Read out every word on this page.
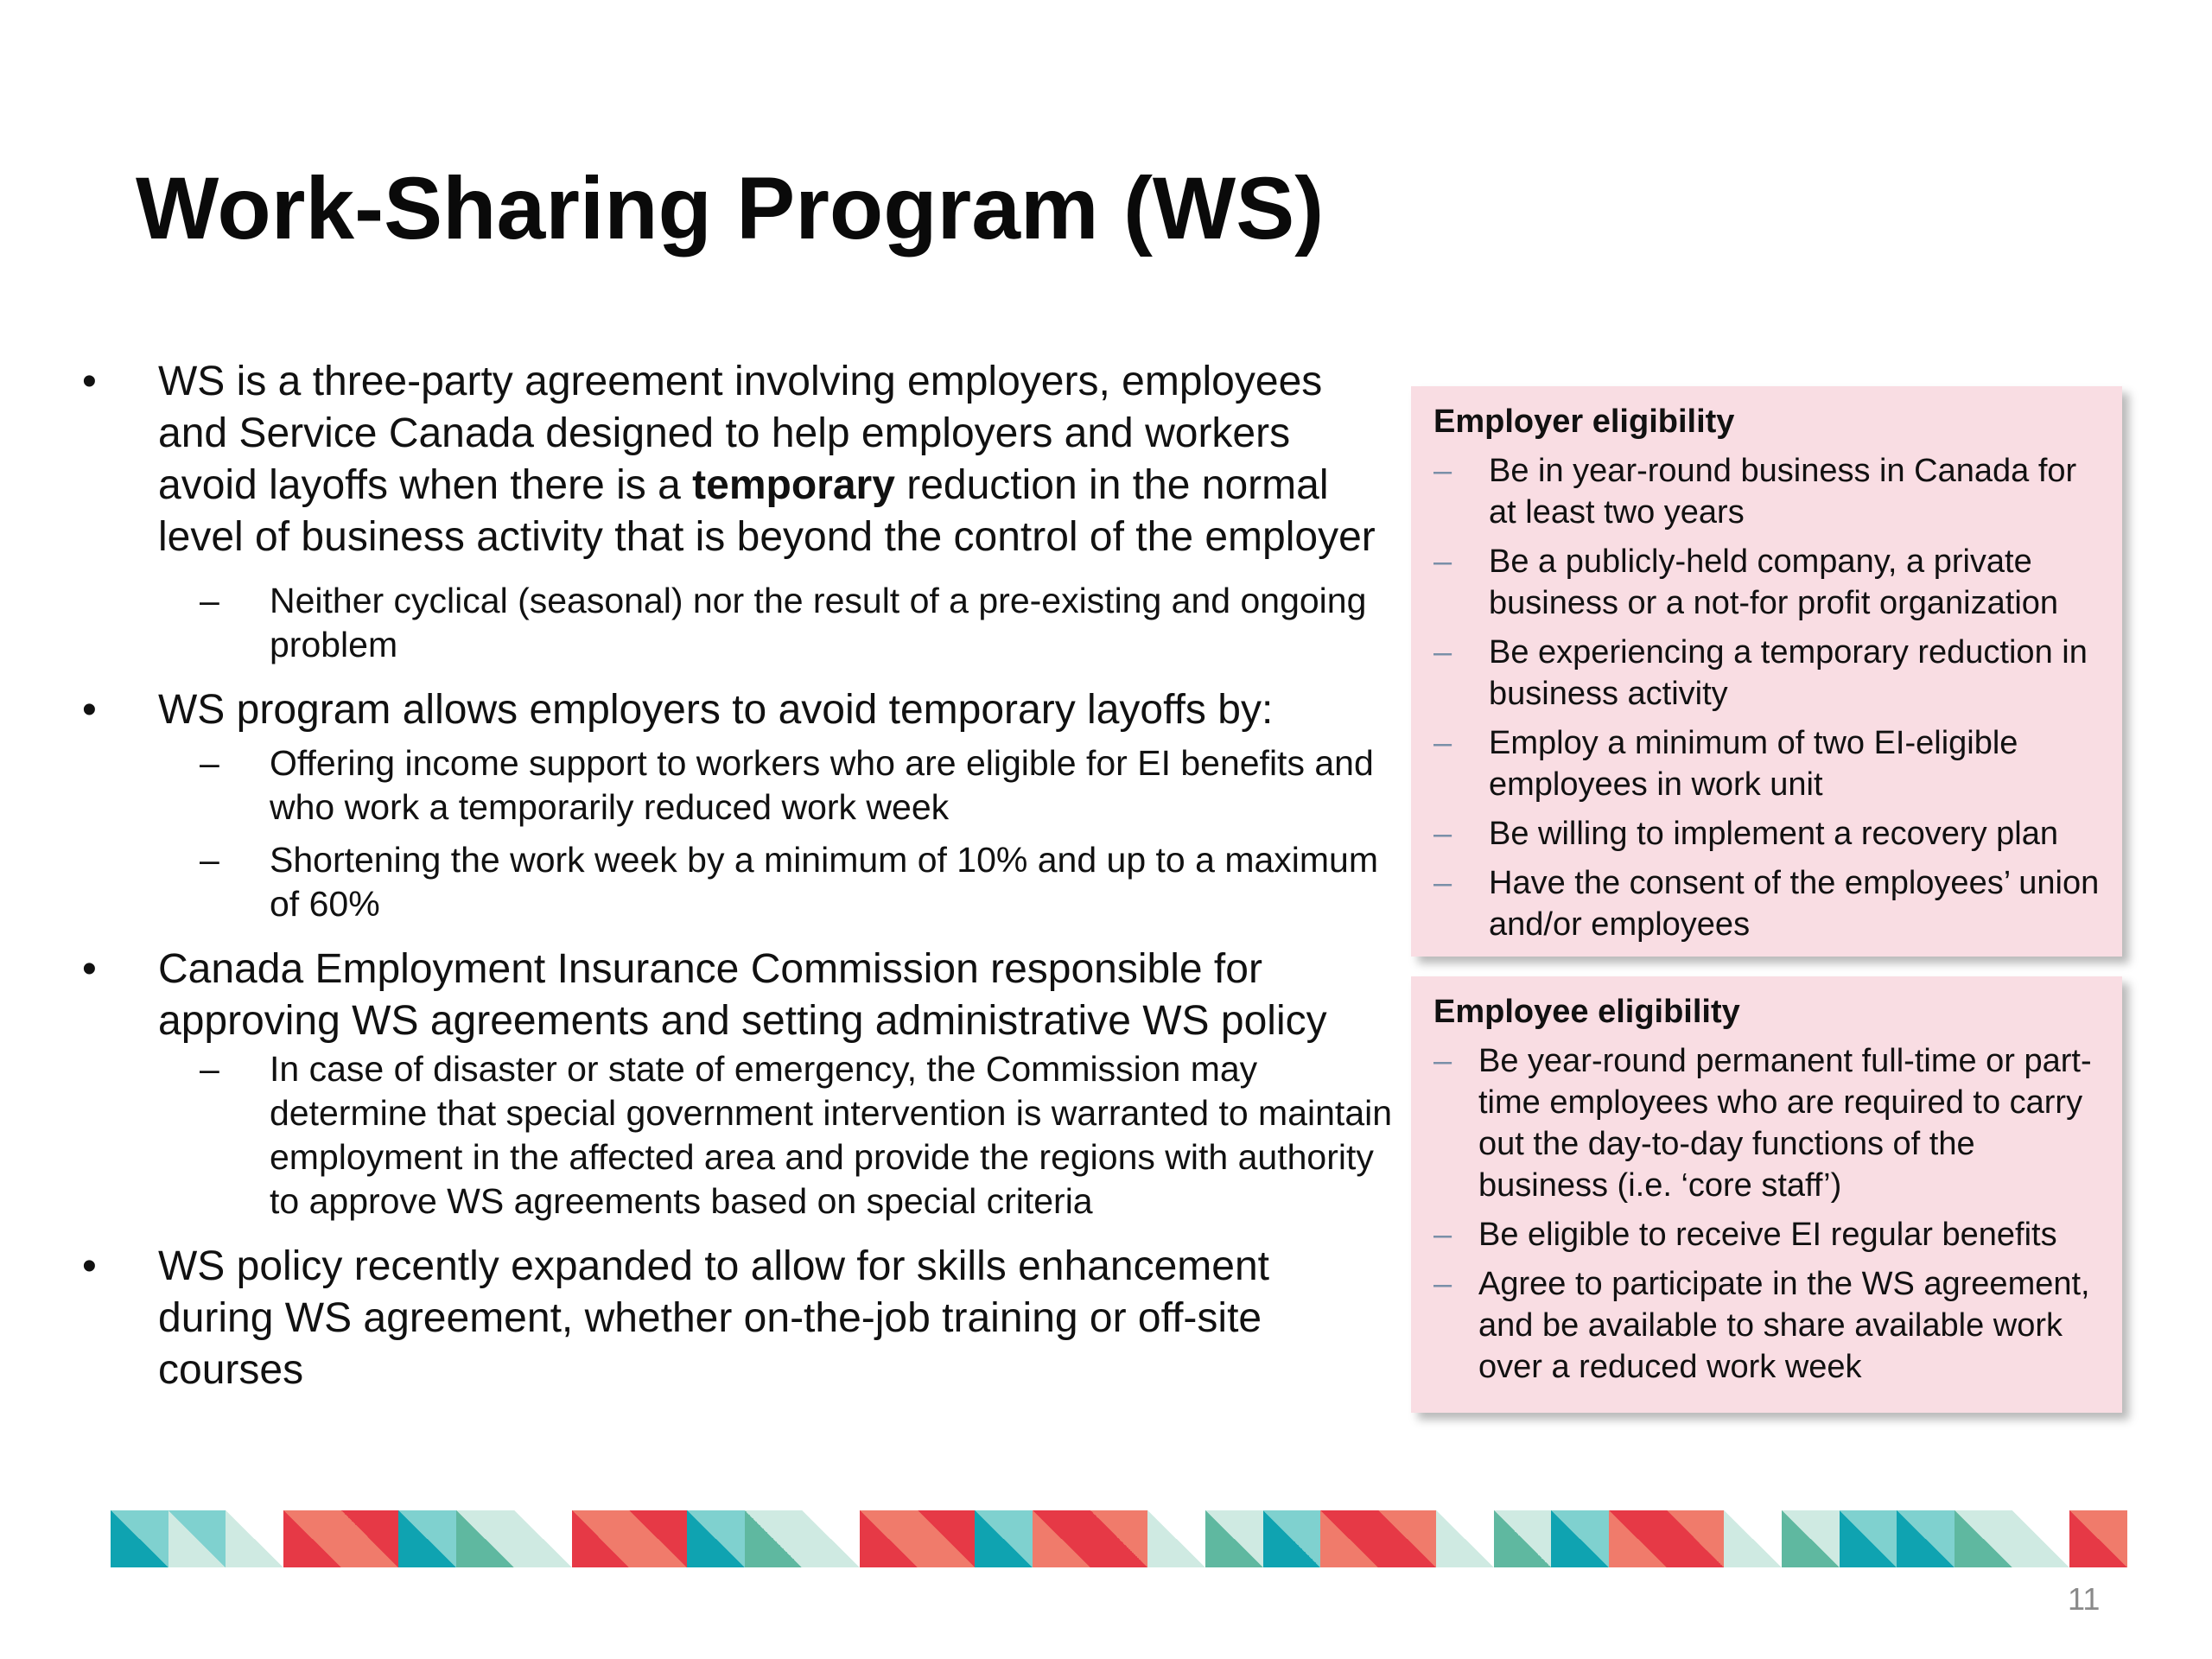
Work-Sharing Program (WS)
• WS is a three-party agreement involving employers, employees and Service Canada designed to help employers and workers avoid layoffs when there is a temporary reduction in the normal level of business activity that is beyond the control of the employer
– Neither cyclical (seasonal) nor the result of a pre-existing and ongoing problem
• WS program allows employers to avoid temporary layoffs by:
– Offering income support to workers who are eligible for EI benefits and who work a temporarily reduced work week
– Shortening the work week by a minimum of 10% and up to a maximum of 60%
• Canada Employment Insurance Commission responsible for approving WS agreements and setting administrative WS policy
– In case of disaster or state of emergency, the Commission may determine that special government intervention is warranted to maintain employment in the affected area and provide the regions with authority to approve WS agreements based on special criteria
• WS policy recently expanded to allow for skills enhancement during WS agreement, whether on-the-job training or off-site courses
Employer eligibility
– Be in year-round business in Canada for at least two years
– Be a publicly-held company, a private business or a not-for profit organization
– Be experiencing a temporary reduction in business activity
– Employ a minimum of two EI-eligible employees in work unit
– Be willing to implement a recovery plan
– Have the consent of the employees’ union and/or employees
Employee eligibility
– Be year-round permanent full-time or part-time employees who are required to carry out the day-to-day functions of the business (i.e. ‘core staff’)
– Be eligible to receive EI regular benefits
– Agree to participate in the WS agreement, and be available to share available work over a reduced work week
11
